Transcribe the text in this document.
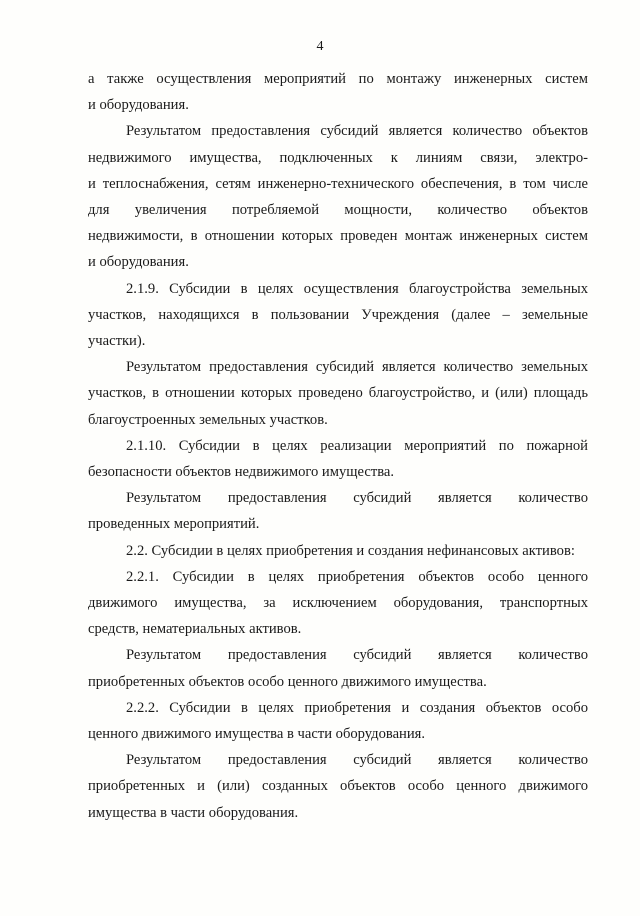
4
а также осуществления мероприятий по монтажу инженерных систем
и оборудования.
Результатом предоставления субсидий является количество объектов
недвижимого имущества, подключенных к линиям связи, электро-
и теплоснабжения, сетям инженерно-технического обеспечения, в том числе
для увеличения потребляемой мощности, количество объектов
недвижимости, в отношении которых проведен монтаж инженерных систем
и оборудования.
2.1.9. Субсидии в целях осуществления благоустройства земельных
участков, находящихся в пользовании Учреждения (далее – земельные
участки).
Результатом предоставления субсидий является количество земельных
участков, в отношении которых проведено благоустройство, и (или) площадь
благоустроенных земельных участков.
2.1.10. Субсидии в целях реализации мероприятий по пожарной
безопасности объектов недвижимого имущества.
Результатом предоставления субсидий является количество
проведенных мероприятий.
2.2. Субсидии в целях приобретения и создания нефинансовых активов:
2.2.1. Субсидии в целях приобретения объектов особо ценного
движимого имущества, за исключением оборудования, транспортных
средств, нематериальных активов.
Результатом предоставления субсидий является количество
приобретенных объектов особо ценного движимого имущества.
2.2.2. Субсидии в целях приобретения и создания объектов особо
ценного движимого имущества в части оборудования.
Результатом предоставления субсидий является количество
приобретенных и (или) созданных объектов особо ценного движимого
имущества в части оборудования.
